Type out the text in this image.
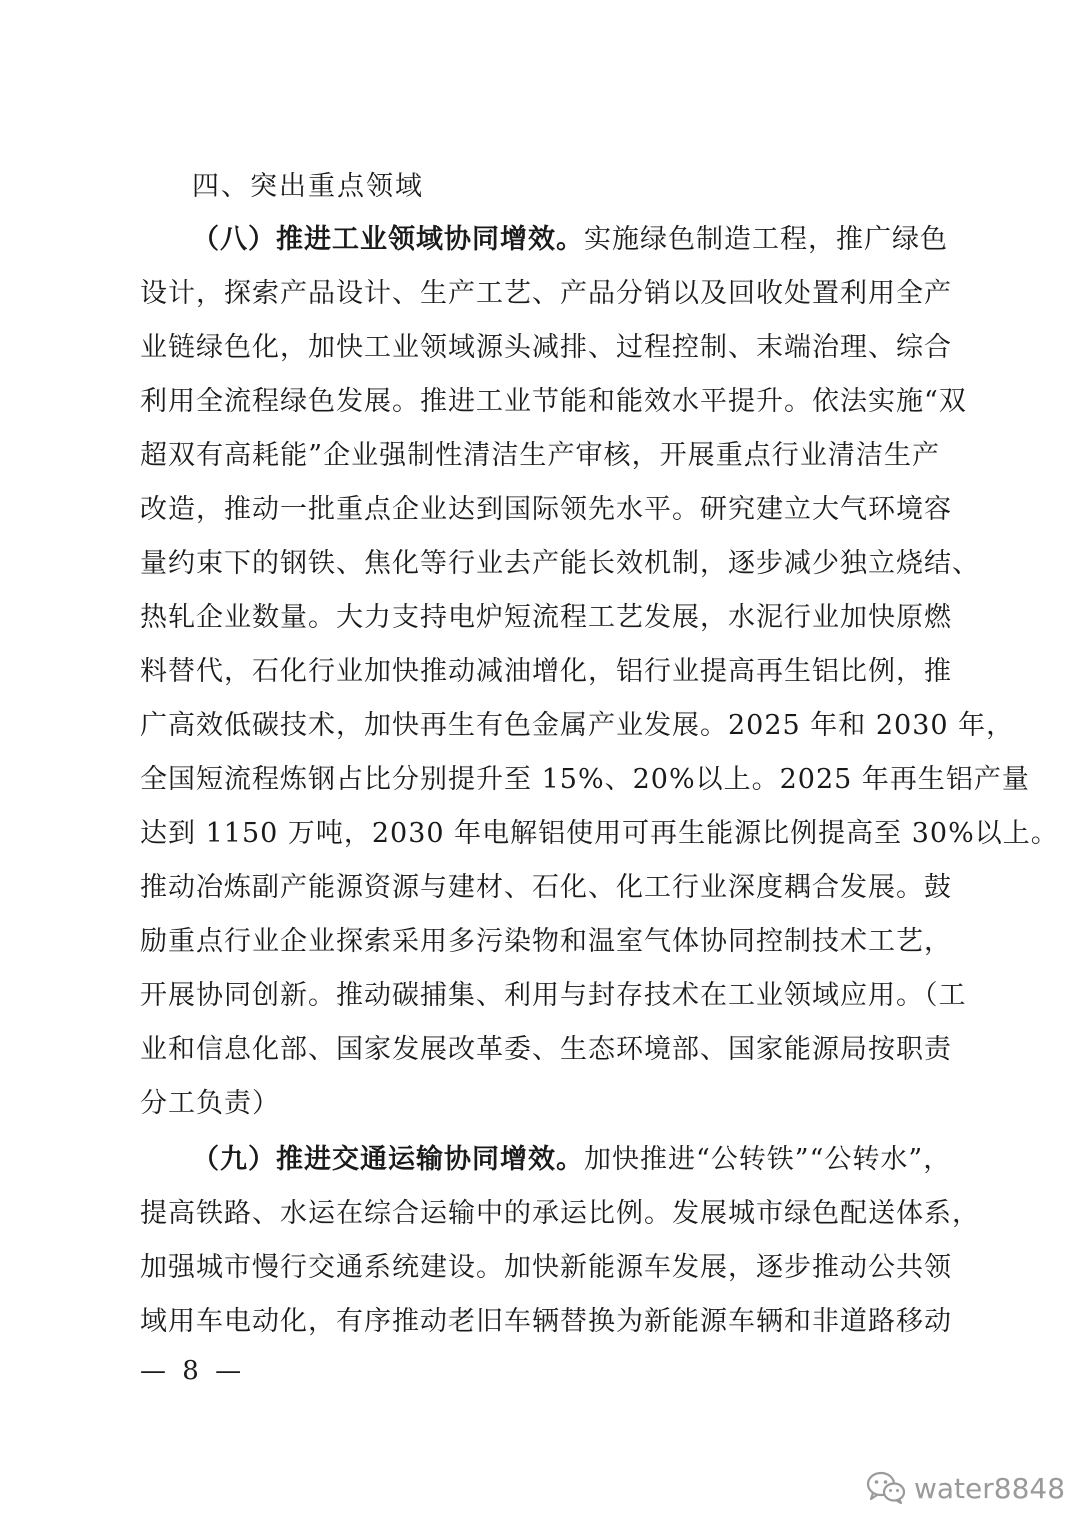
四、突出重点领域
（八）推进工业领域协同增效。实施绿色制造工程，推广绿色
设计，探索产品设计、生产工艺、产品分销以及回收处置利用全产
业链绿色化，加快工业领域源头减排、过程控制、末端治理、综合
利用全流程绿色发展。推进工业节能和能效水平提升。依法实施“双
超双有高耗能”企业强制性清洁生产审核，开展重点行业清洁生产
改造，推动一批重点企业达到国际领先水平。研究建立大气环境容
量约束下的钢铁、焦化等行业去产能长效机制，逐步减少独立烧结、
热轧企业数量。大力支持电炉短流程工艺发展，水泥行业加快原燃
料替代，石化行业加快推动减油增化，铝行业提高再生铝比例，推
广高效低碳技术，加快再生有色金属产业发展。2025 年和 2030 年，
全国短流程炼钢占比分别提升至 15%、20%以上。2025 年再生铝产量
达到 1150 万吨，2030 年电解铝使用可再生能源比例提高至 30%以上。
推动冶炼副产能源资源与建材、石化、化工行业深度耦合发展。鼓
励重点行业企业探索采用多污染物和温室气体协同控制技术工艺，
开展协同创新。推动碳捕集、利用与封存技术在工业领域应用。（工
业和信息化部、国家发展改革委、生态环境部、国家能源局按职责
分工负责）
（九）推进交通运输协同增效。加快推进“公转铁”“公转水”，
提高铁路、水运在综合运输中的承运比例。发展城市绿色配送体系，
加强城市慢行交通系统建设。加快新能源车发展，逐步推动公共领
域用车电动化，有序推动老旧车辆替换为新能源车辆和非道路移动
— 8 —
water8848
